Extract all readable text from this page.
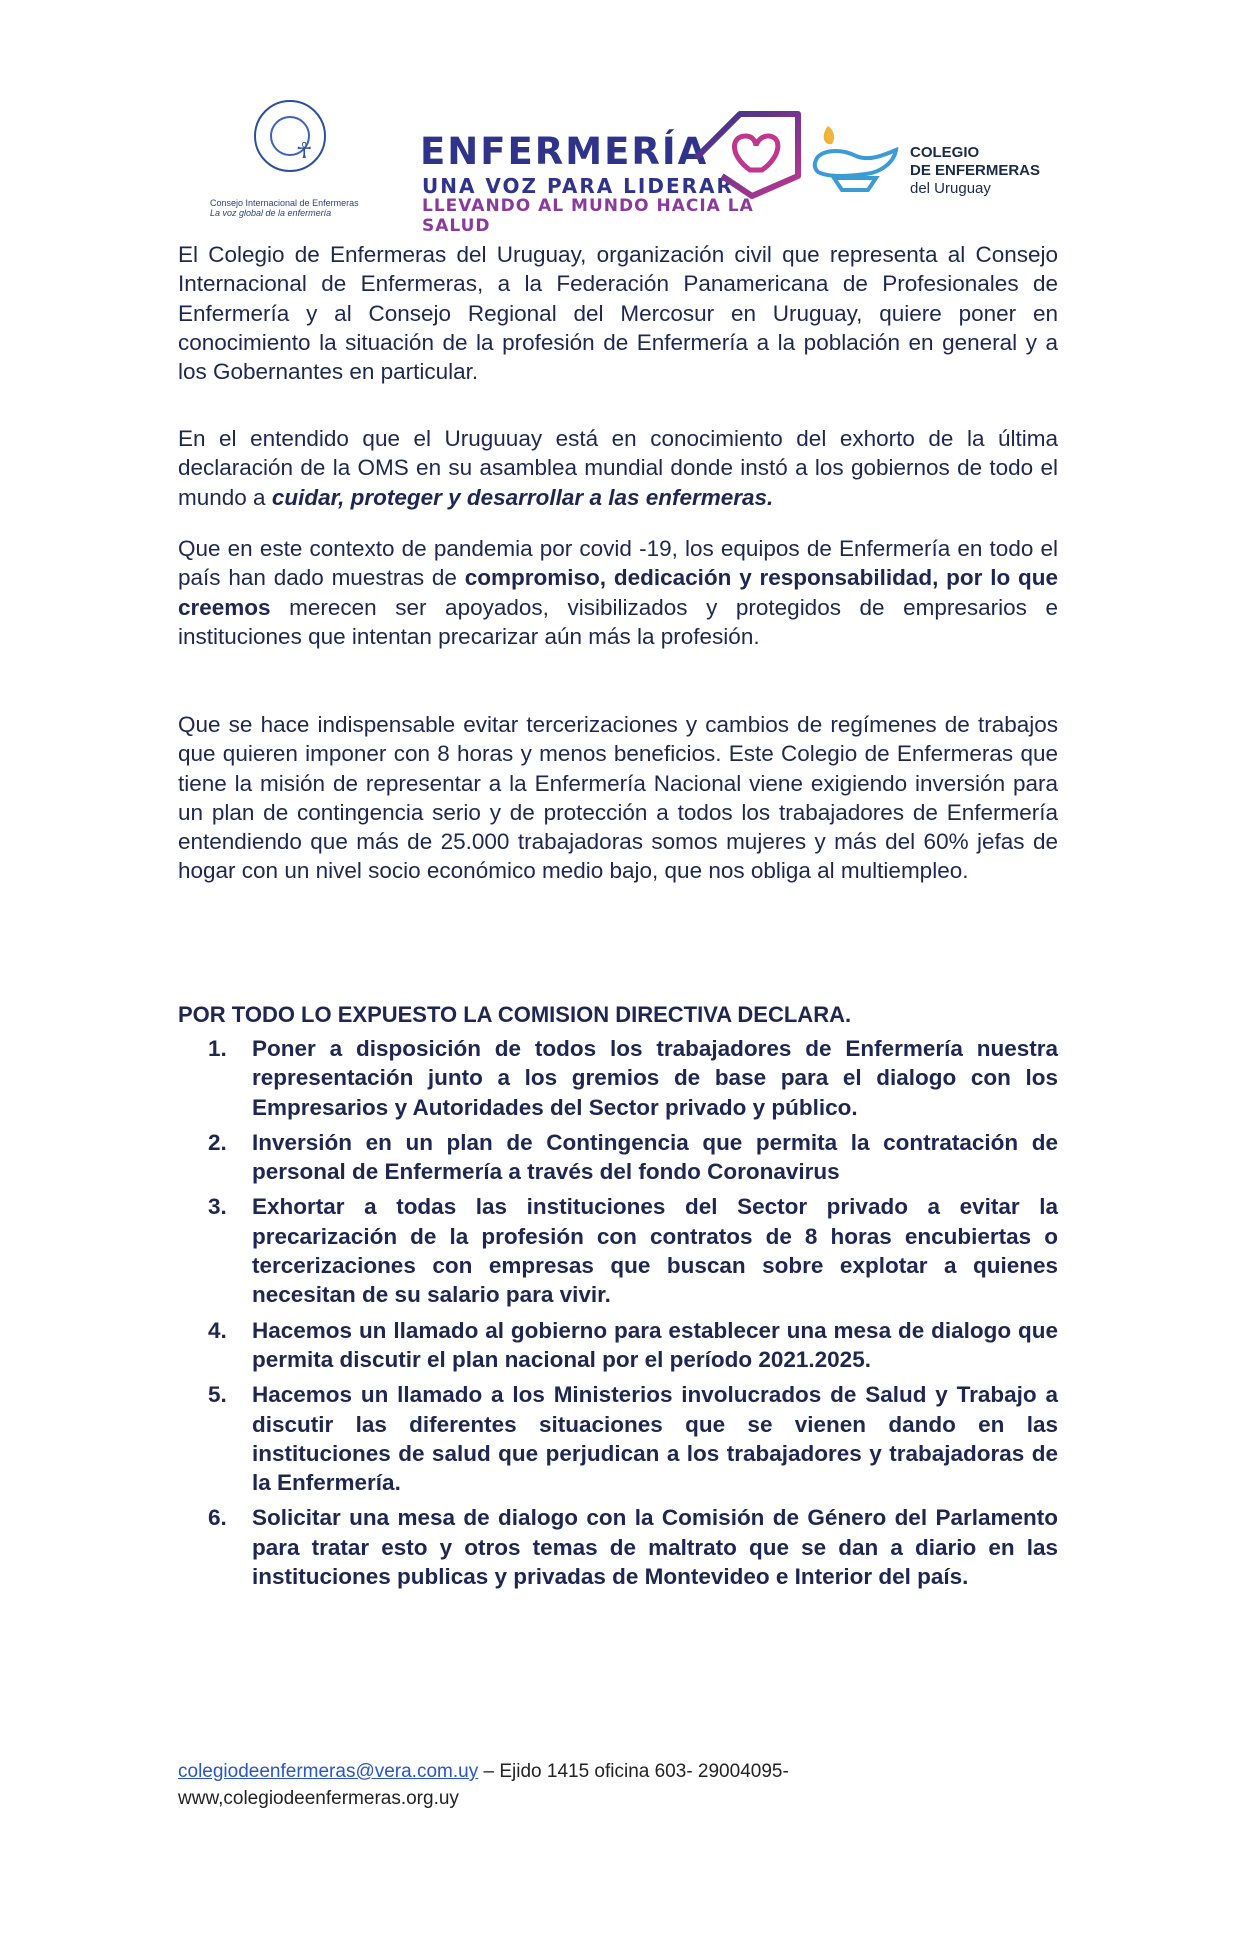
☥
Consejo Internacional de Enfermeras
La voz global de la enfermería
ENFERMERÍA
UNA VOZ PARA LIDERAR
LLEVANDO AL MUNDO HACIA LA SALUD
COLEGIO
DE ENFERMERAS
del Uruguay
El Colegio de Enfermeras del Uruguay, organización civil que representa al Consejo Internacional de Enfermeras, a la Federación Panamericana de Profesionales de Enfermería y al Consejo Regional del Mercosur en Uruguay, quiere poner en conocimiento la situación de la profesión de Enfermería a la población en general y a los Gobernantes en particular.
En el entendido que el Uruguuay está en conocimiento del exhorto de la última declaración de la OMS en su asamblea mundial donde instó a los gobiernos de todo el mundo a cuidar, proteger y desarrollar a las enfermeras.
Que en este contexto de pandemia por covid -19, los equipos de Enfermería en todo el país han dado muestras de compromiso, dedicación y responsabilidad, por lo que creemos merecen ser apoyados, visibilizados y protegidos de empresarios e instituciones que intentan precarizar aún más la profesión.
Que se hace indispensable evitar tercerizaciones y cambios de regímenes de trabajos que quieren imponer con 8 horas y menos beneficios. Este Colegio de Enfermeras que tiene la misión de representar a la Enfermería Nacional viene exigiendo inversión para un plan de contingencia serio y de protección a todos los trabajadores de Enfermería entendiendo que más de 25.000 trabajadoras somos mujeres y más del 60% jefas de hogar con un nivel socio económico medio bajo, que nos obliga al multiempleo.
POR TODO LO EXPUESTO LA COMISION DIRECTIVA DECLARA.
1. Poner a disposición de todos los trabajadores de Enfermería nuestra representación junto a los gremios de base para el dialogo con los Empresarios y Autoridades del Sector privado y público.
2. Inversión en un plan de Contingencia que permita la contratación de personal de Enfermería a través del fondo Coronavirus
3. Exhortar a todas las instituciones del Sector privado a evitar la precarización de la profesión con contratos de 8 horas encubiertas o tercerizaciones con empresas que buscan sobre explotar a quienes necesitan de su salario para vivir.
4. Hacemos un llamado al gobierno para establecer una mesa de dialogo que permita discutir el plan nacional por el período 2021.2025.
5. Hacemos un llamado a los Ministerios involucrados de Salud y Trabajo a discutir las diferentes situaciones que se vienen dando en las instituciones de salud que perjudican a los trabajadores y trabajadoras de la Enfermería.
6. Solicitar una mesa de dialogo con la Comisión de Género del Parlamento para tratar esto y otros temas de maltrato que se dan a diario en las instituciones publicas y privadas de Montevideo e Interior del país.
colegiodeenfermeras@vera.com.uy – Ejido 1415 oficina 603- 29004095-
www,colegiodeenfermeras.org.uy
